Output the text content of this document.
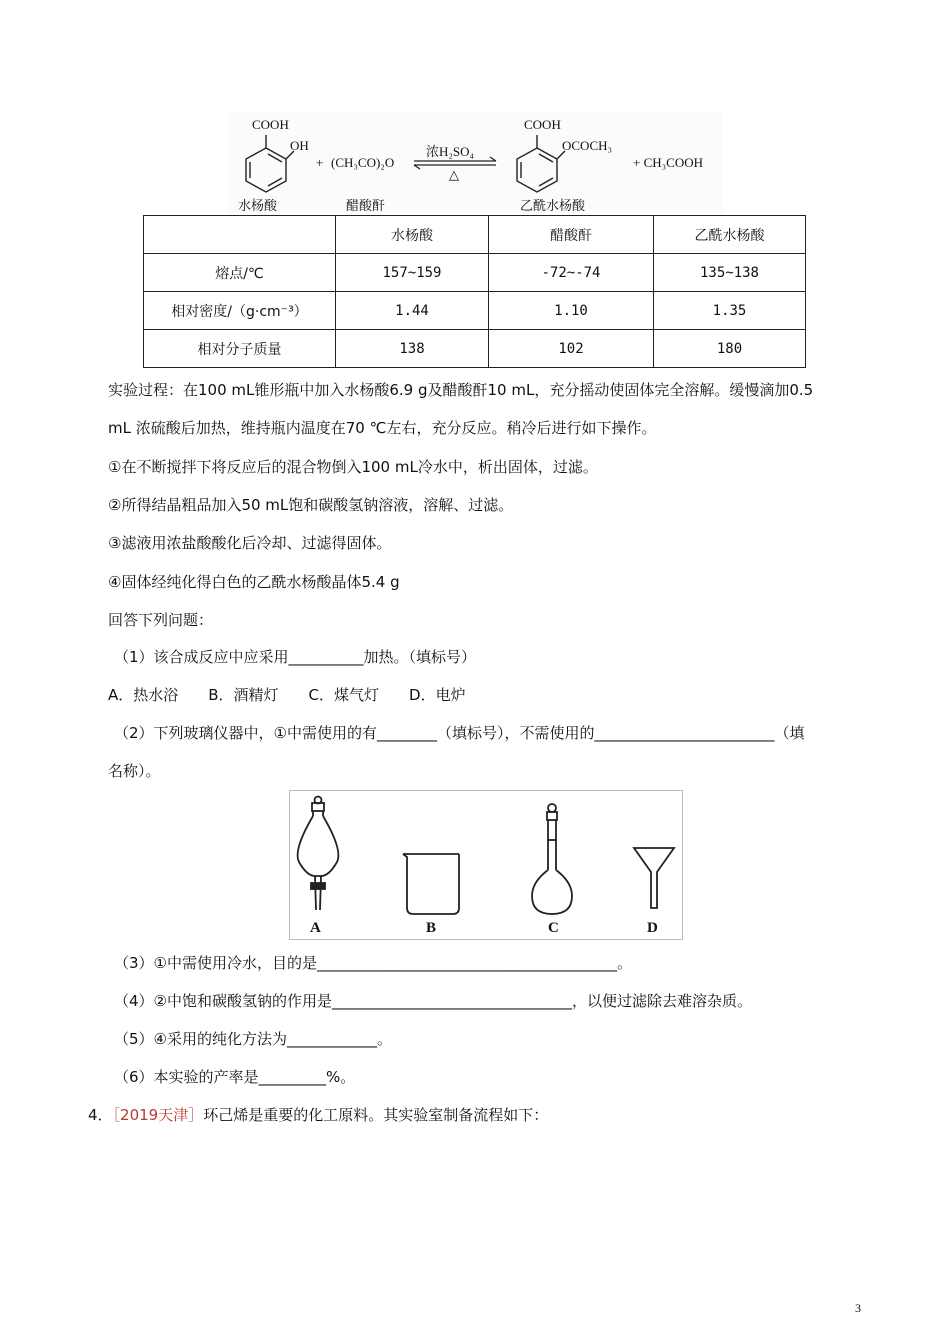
COOH
OH
+ (CH₃CO)₂O
浓H₂SO₄
△
COOH
OCOCH₃
+ CH₃COOH
水杨酸	醋酸酐	乙酰水杨酸
	水杨酸	醋酸酐	乙酰水杨酸
熔点/℃	157~159	-72~-74	135~138
相对密度/（g·cm⁻³）	1.44	1.10	1.35
相对分子质量	138	102	180
实验过程：在100 mL锥形瓶中加入水杨酸6.9 g及醋酸酐10 mL，充分摇动使固体完全溶解。缓慢滴加0.5
mL 浓硫酸后加热，维持瓶内温度在70 ℃左右，充分反应。稍冷后进行如下操作。
①在不断搅拌下将反应后的混合物倒入100 mL冷水中，析出固体，过滤。
②所得结晶粗品加入50 mL饱和碳酸氢钠溶液，溶解、过滤。
③滤液用浓盐酸酸化后冷却、过滤得固体。
④固体经纯化得白色的乙酰水杨酸晶体5.4 g
回答下列问题：
（1）该合成反应中应采用__________加热。（填标号）
A．热水浴　　B．酒精灯　　C．煤气灯　　D．电炉
（2）下列玻璃仪器中，①中需使用的有________（填标号），不需使用的________________________（填
名称）。
A	B	C	D
（3）①中需使用冷水，目的是________________________________________。
（4）②中饱和碳酸氢钠的作用是________________________________，以便过滤除去难溶杂质。
（5）④采用的纯化方法为____________。
（6）本实验的产率是_________%。
4．［2019天津］环己烯是重要的化工原料。其实验室制备流程如下：
3
